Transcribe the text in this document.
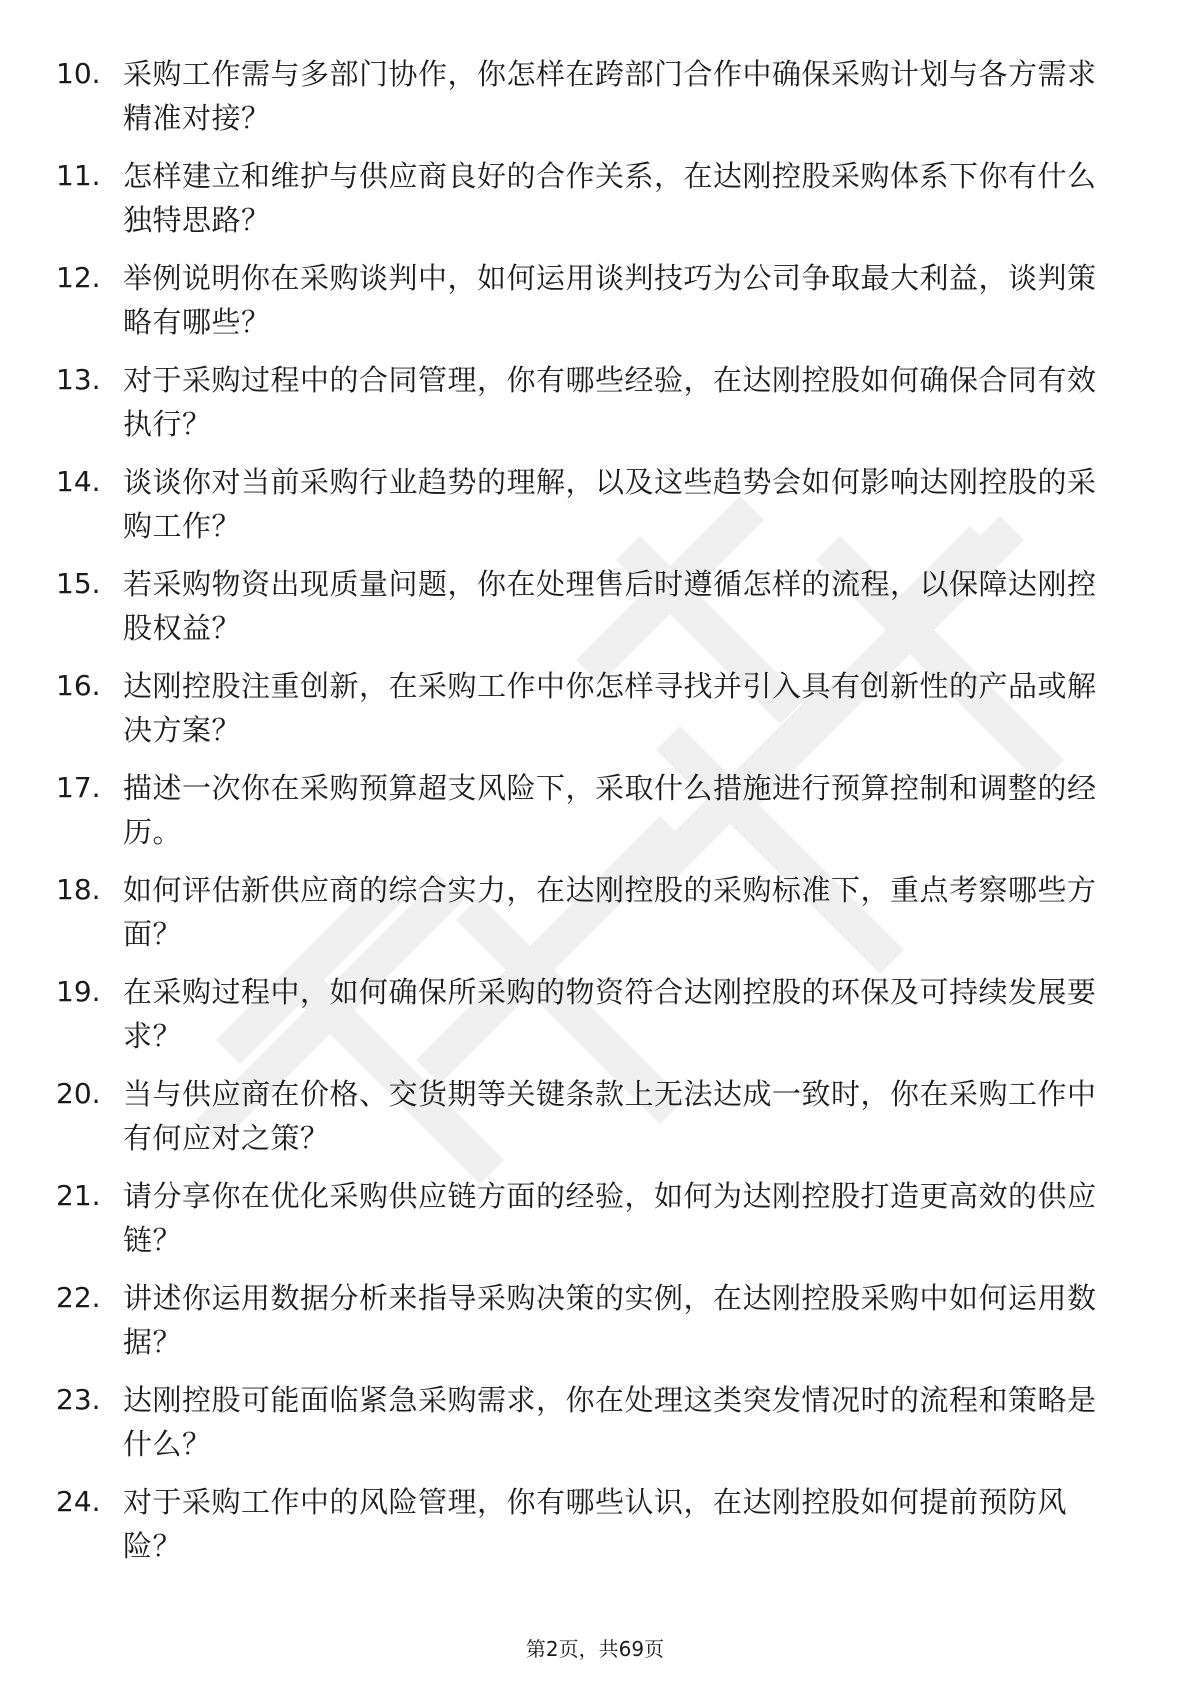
10. 采购工作需与多部门协作，你怎样在跨部门合作中确保采购计划与各方需求精准对接？
11. 怎样建立和维护与供应商良好的合作关系，在达刚控股采购体系下你有什么独特思路？
12. 举例说明你在采购谈判中，如何运用谈判技巧为公司争取最大利益，谈判策略有哪些？
13. 对于采购过程中的合同管理，你有哪些经验，在达刚控股如何确保合同有效执行？
14. 谈谈你对当前采购行业趋势的理解，以及这些趋势会如何影响达刚控股的采购工作？
15. 若采购物资出现质量问题，你在处理售后时遵循怎样的流程，以保障达刚控股权益？
16. 达刚控股注重创新，在采购工作中你怎样寻找并引入具有创新性的产品或解决方案？
17. 描述一次你在采购预算超支风险下，采取什么措施进行预算控制和调整的经历。
18. 如何评估新供应商的综合实力，在达刚控股的采购标准下，重点考察哪些方面？
19. 在采购过程中，如何确保所采购的物资符合达刚控股的环保及可持续发展要求？
20. 当与供应商在价格、交货期等关键条款上无法达成一致时，你在采购工作中有何应对之策？
21. 请分享你在优化采购供应链方面的经验，如何为达刚控股打造更高效的供应链？
22. 讲述你运用数据分析来指导采购决策的实例，在达刚控股采购中如何运用数据？
23. 达刚控股可能面临紧急采购需求，你在处理这类突发情况时的流程和策略是什么？
24. 对于采购工作中的风险管理，你有哪些认识，在达刚控股如何提前预防风险？
第2页，共69页
